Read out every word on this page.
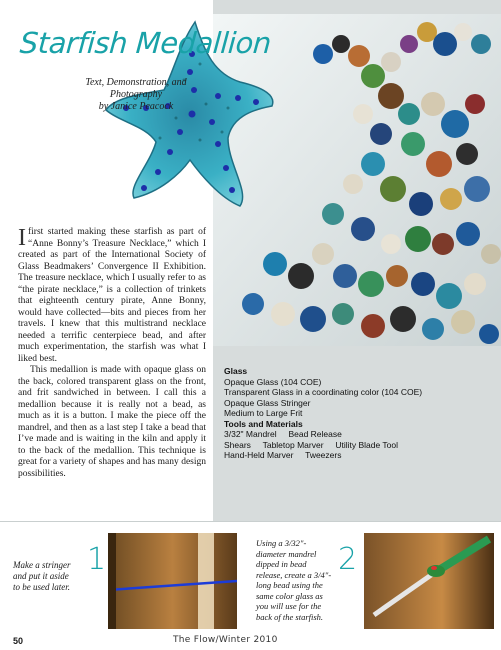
Starfish Medallion
Text, Demonstration, and Photography
by Janice Peacock

Ifirst started making these starfish as part of “Anne Bonny’s Treasure Necklace,” which I created as part of the International Society of Glass Beadmakers’ Convergence II Exhibition. The treasure necklace, which I usually refer to as “the pirate necklace,” is a collection of trinkets that eighteenth century pirate, Anne Bonny, would have collected—bits and pieces from her travels. I knew that this multistrand necklace needed a terrific centerpiece bead, and after much experimentation, the starfish was what I liked best.

This medallion is made with opaque glass on the back, colored transparent glass on the front, and frit sandwiched in between. I call this a medallion because it is really not a bead, as much as it is a button. I make the piece off the mandrel, and then as a last step I take a bead that I’ve made and is waiting in the kiln and apply it to the back of the medallion. This technique is great for a variety of shapes and has many design possibilities.

Glass
Opaque Glass (104 COE)
Transparent Glass in a coordinating color (104 COE)
Opaque Glass Stringer
Medium to Large Frit
Tools and Materials
3/32" Mandrel     Bead Release
Shears     Tabletop Marver     Utility Blade Tool
Hand-Held Marver     Tweezers
Make a stringer and put it aside to be used later.
1	Using a 3/32"-diameter mandrel dipped in bead release, create a 3/4"-long bead using the same color glass as you will use for the back of the starfish.
2
50	The Flow/Winter 2010
